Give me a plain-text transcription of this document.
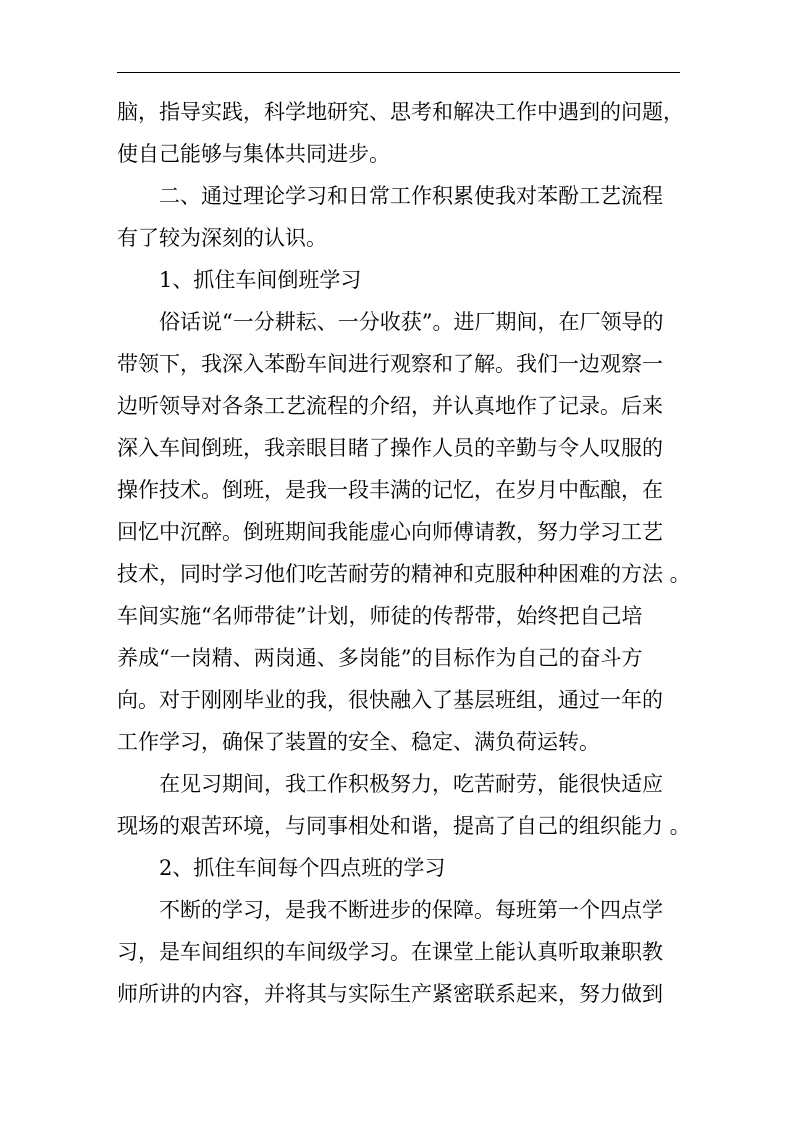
脑，指导实践，科学地研究、思考和解决工作中遇到的问题，
使自己能够与集体共同进步。
二、通过理论学习和日常工作积累使我对苯酚工艺流程
有了较为深刻的认识。
1、抓住车间倒班学习
俗话说“一分耕耘、一分收获”。进厂期间，在厂领导的
带领下，我深入苯酚车间进行观察和了解。我们一边观察一
边听领导对各条工艺流程的介绍，并认真地作了记录。后来
深入车间倒班，我亲眼目睹了操作人员的辛勤与令人叹服的
操作技术。倒班，是我一段丰满的记忆，在岁月中酝酿，在
回忆中沉醉。倒班期间我能虚心向师傅请教，努力学习工艺
技术，同时学习他们吃苦耐劳的精神和克服种种困难的方法 。
车间实施“名师带徒”计划，师徒的传帮带，始终把自己培
养成“一岗精、两岗通、多岗能”的目标作为自己的奋斗方
向。对于刚刚毕业的我，很快融入了基层班组，通过一年的
工作学习，确保了装置的安全、稳定、满负荷运转。
在见习期间，我工作积极努力，吃苦耐劳，能很快适应
现场的艰苦环境，与同事相处和谐，提高了自己的组织能力 。
2、抓住车间每个四点班的学习
不断的学习，是我不断进步的保障。每班第一个四点学
习，是车间组织的车间级学习。在课堂上能认真听取兼职教
师所讲的内容，并将其与实际生产紧密联系起来，努力做到
